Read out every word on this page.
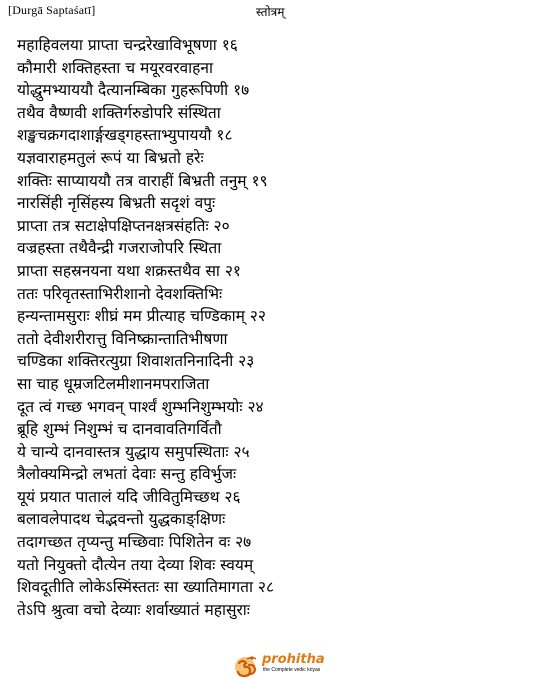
[Durgā Saptaśatī]	स्तोत्रम्
महाहिवलया प्राप्ता चन्द्ररेखाविभूषणा १६
कौमारी शक्तिहस्ता च मयूरवरवाहना
योद्धुमभ्याययौ दैत्यानम्बिका गुहरूपिणी १७
तथैव वैष्णवी शक्तिर्गरुडोपरि संस्थिता
शङ्खचक्रगदाशार्ङ्गखड्गहस्ताभ्युपाययौ १८
यज्ञवाराहमतुलं रूपं या बिभ्रतो हरेः
शक्तिः साप्याययौ तत्र वाराहीं बिभ्रती तनुम् १९
नारसिंही नृसिंहस्य बिभ्रती सदृशं वपुः
प्राप्ता तत्र सटाक्षेपक्षिप्तनक्षत्रसंहतिः २०
वज्रहस्ता तथैवैन्द्री गजराजोपरि स्थिता
प्राप्ता सहस्रनयना यथा शक्रस्तथैव सा २१
ततः परिवृतस्ताभिरीशानो देवशक्तिभिः
हन्यन्तामसुराः शीघ्रं मम प्रीत्याह चण्डिकाम् २२
ततो देवीशरीरात्तु विनिष्क्रान्तातिभीषणा
चण्डिका शक्तिरत्युग्रा शिवाशतनिनादिनी २३
सा चाह धूम्रजटिलमीशानमपराजिता
दूत त्वं गच्छ भगवन् पार्श्वं शुम्भनिशुम्भयोः २४
ब्रूहि शुम्भं निशुम्भं च दानवावतिगर्वितौ
ये चान्ये दानवास्तत्र युद्धाय समुपस्थिताः २५
त्रैलोक्यमिन्द्रो लभतां देवाः सन्तु हविर्भुजः
यूयं प्रयात पातालं यदि जीवितुमिच्छथ २६
बलावलेपादथ चेद्भवन्तो युद्धकाङ्क्षिणः
तदागच्छत तृप्यन्तु मच्छिवाः पिशितेन वः २७
यतो नियुक्तो दौत्येन तया देव्या शिवः स्वयम्
शिवदूतीति लोकेऽस्मिंस्ततः सा ख्यातिमागता २८
तेऽपि श्रुत्वा वचो देव्याः शर्वाख्यातं महासुराः
prohitha
the Complete vedic kriyas
